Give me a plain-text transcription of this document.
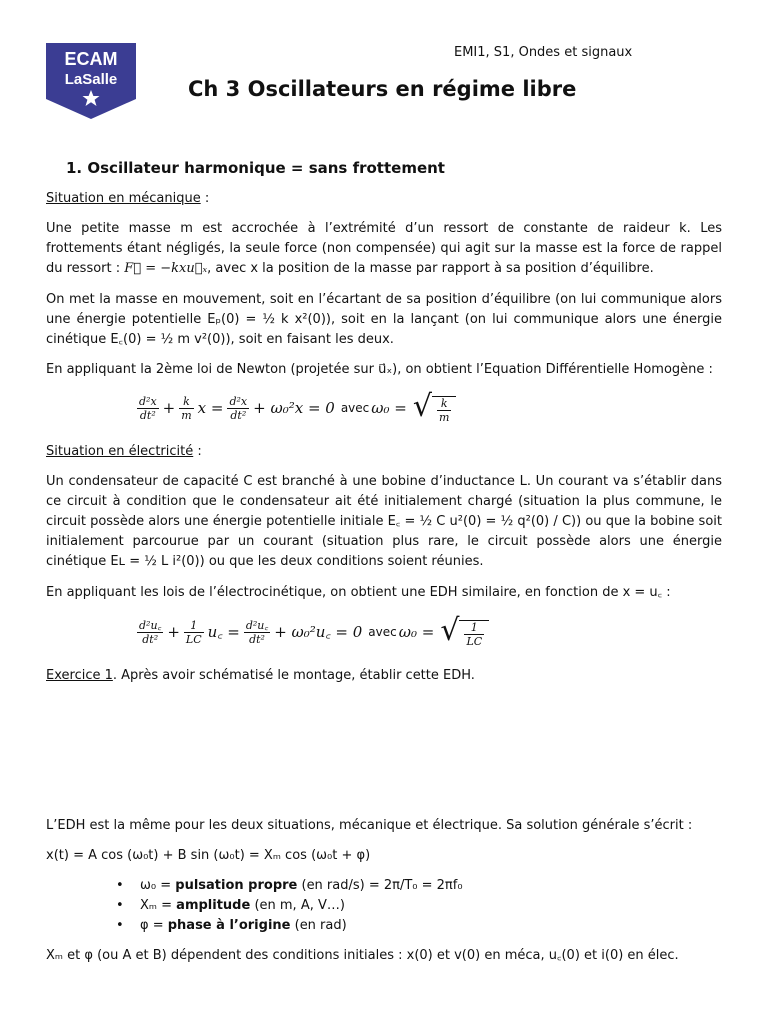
ECAM
LaSalle
EMI1, S1, Ondes et signaux
Ch 3 Oscillateurs en régime libre
1. Oscillateur harmonique = sans frottement
Situation en mécanique :
Une petite masse m est accrochée à l’extrémité d’un ressort de constante de raideur k. Les frottements étant négligés, la seule force (non compensée) qui agit sur la masse est la force de rappel du ressort : F⃗ = −kxu⃗ₓ, avec x la position de la masse par rapport à sa position d’équilibre.
On met la masse en mouvement, soit en l’écartant de sa position d’équilibre (on lui communique alors une énergie potentielle Eₚ(0) = ½ k x²(0)), soit en la lançant (on lui communique alors une énergie cinétique E꜀(0) = ½ m v²(0)), soit en faisant les deux.
En appliquant la 2ème loi de Newton (projetée sur u⃗ₓ), on obtient l’Equation Différentielle Homogène :
$\frac{\text{d²x}}{\text{dt²}} + \frac{k}{m}$ $x = \frac{\text{d²x}}{\text{dt²}} + \omega_0^2x = 0$ avec ω₀ = √ $\frac{k}{m}$
Situation en électricité :
Un condensateur de capacité C est branché à une bobine d’inductance L. Un courant va s’établir dans ce circuit à condition que le condensateur ait été initialement chargé (situation la plus commune, le circuit possède alors une énergie potentielle initiale E꜀ = ½ C u²(0) = ½ q²(0) / C)) ou que la bobine soit initialement parcourue par un courant (situation plus rare, le circuit possède alors une énergie cinétique Eʟ = ½ L i²(0)) ou que les deux conditions soient réunies.
En appliquant les lois de l’électrocinétique, on obtient une EDH similaire, en fonction de x = u꜀ :
$\frac{\text{d²u꜀}}{\text{dt²}} + \frac{1}{LC}$ u꜀ = $\frac{\text{d²u꜀}}{\text{dt²}}$ + ω₀²u꜀ = 0 avec ω₀ = √ $\frac{1}{LC}$
Exercice 1. Après avoir schématisé le montage, établir cette EDH.
L’EDH est la même pour les deux situations, mécanique et électrique. Sa solution générale s’écrit :
x(t) = A cos (ω₀t) + B sin (ω₀t) = Xₘ cos (ω₀t + φ)
• ω₀ = pulsation propre (en rad/s) = 2π/T₀ = 2πf₀
• Xₘ = amplitude (en m, A, V…)
• φ = phase à l’origine (en rad)
Xₘ et φ (ou A et B) dépendent des conditions initiales : x(0) et v(0) en méca, u꜀(0) et i(0) en élec.
